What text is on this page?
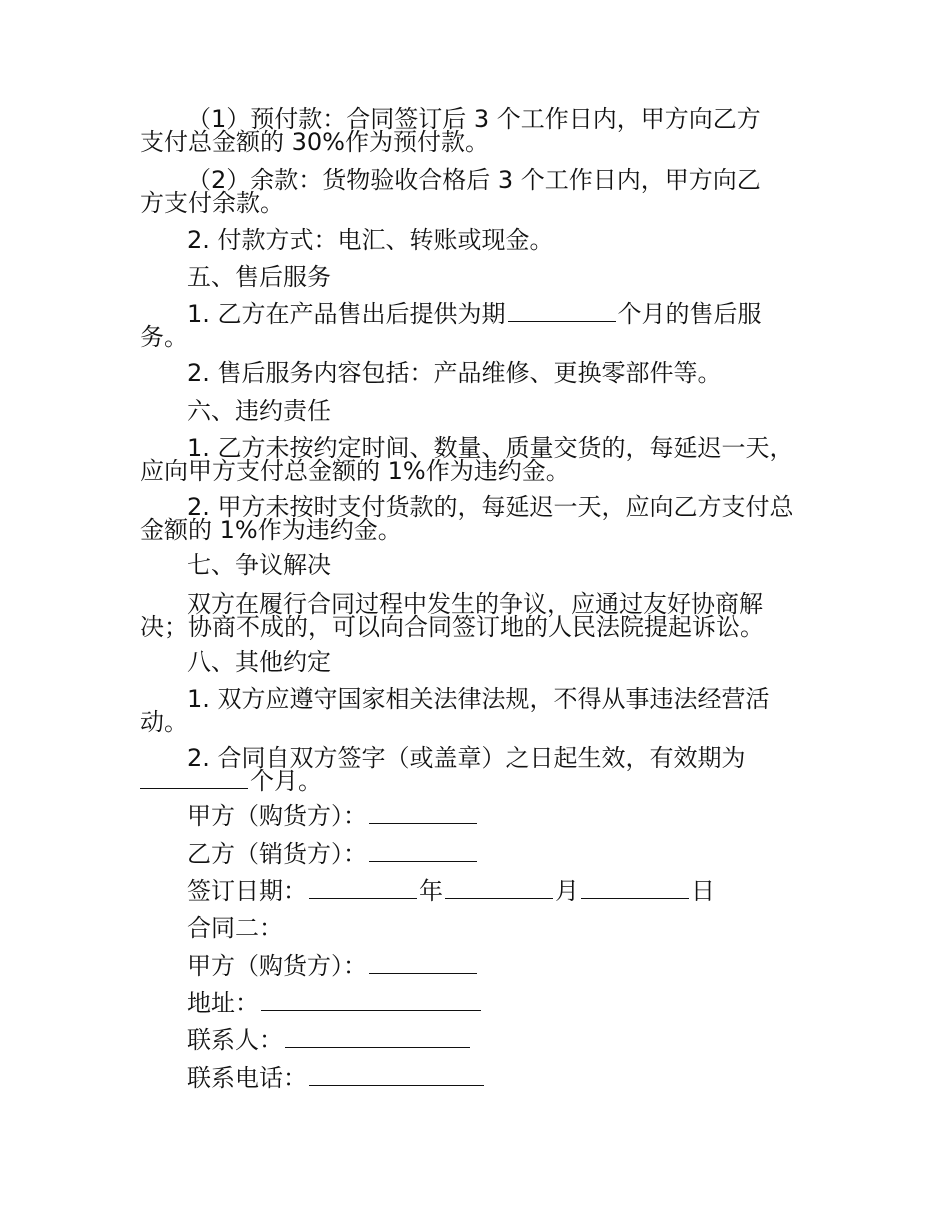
（1）预付款：合同签订后 3 个工作日内，甲方向乙方
支付总金额的 30%作为预付款。
（2）余款：货物验收合格后 3 个工作日内，甲方向乙
方支付余款。
2. 付款方式：电汇、转账或现金。
五、售后服务
1. 乙方在产品售出后提供为期	个月的售后服
务。
2. 售后服务内容包括：产品维修、更换零部件等。
六、违约责任
1. 乙方未按约定时间、数量、质量交货的，每延迟一天，
应向甲方支付总金额的 1%作为违约金。
2. 甲方未按时支付货款的，每延迟一天，应向乙方支付总
金额的 1%作为违约金。
七、争议解决
双方在履行合同过程中发生的争议，应通过友好协商解
决；协商不成的，可以向合同签订地的人民法院提起诉讼。
八、其他约定
1. 双方应遵守国家相关法律法规，不得从事违法经营活
动。
2. 合同自双方签字（或盖章）之日起生效，有效期为
个月。
甲方（购货方）：
乙方（销货方）：
签订日期：	年	月	日
合同二：
甲方（购货方）：
地址：
联系人：
联系电话：
